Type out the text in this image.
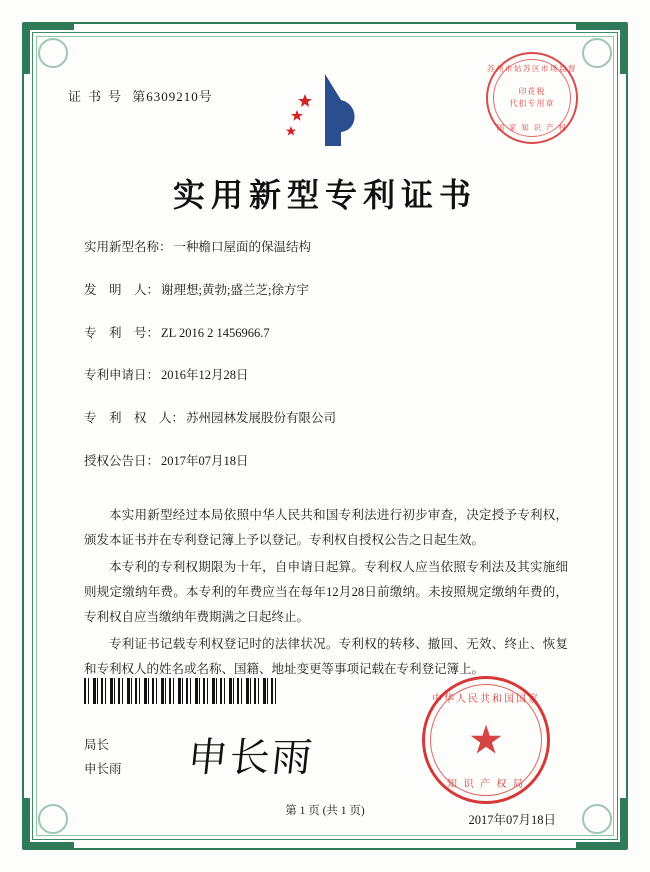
证书号 第6309210号
苏州市姑苏区市场监督
印花税
代扣专用章
国 家 知 识 产 权
实用新型专利证书
实用新型名称： 一种檐口屋面的保温结构
发　明　人： 谢理想;黄勃;盛兰芝;徐方宇
专　利　号： ZL 2016 2 1456966.7
专利申请日： 2016年12月28日
专　利　权　人： 苏州园林发展股份有限公司
授权公告日： 2017年07月18日

本实用新型经过本局依照中华人民共和国专利法进行初步审查，决定授予专利权，颁发本证书并在专利登记簿上予以登记。专利权自授权公告之日起生效。

本专利的专利权期限为十年，自申请日起算。专利权人应当依照专利法及其实施细则规定缴纳年费。本专利的年费应当在每年12月28日前缴纳。未按照规定缴纳年费的，专利权自应当缴纳年费期满之日起终止。

专利证书记载专利权登记时的法律状况。专利权的转移、撤回、无效、终止、恢复和专利权人的姓名或名称、国籍、地址变更等事项记载在专利登记簿上。

局长
申长雨 申长雨
中华人民共和国国家
★
知 识 产 权 局
2017年07月18日
第 1 页 (共 1 页)
